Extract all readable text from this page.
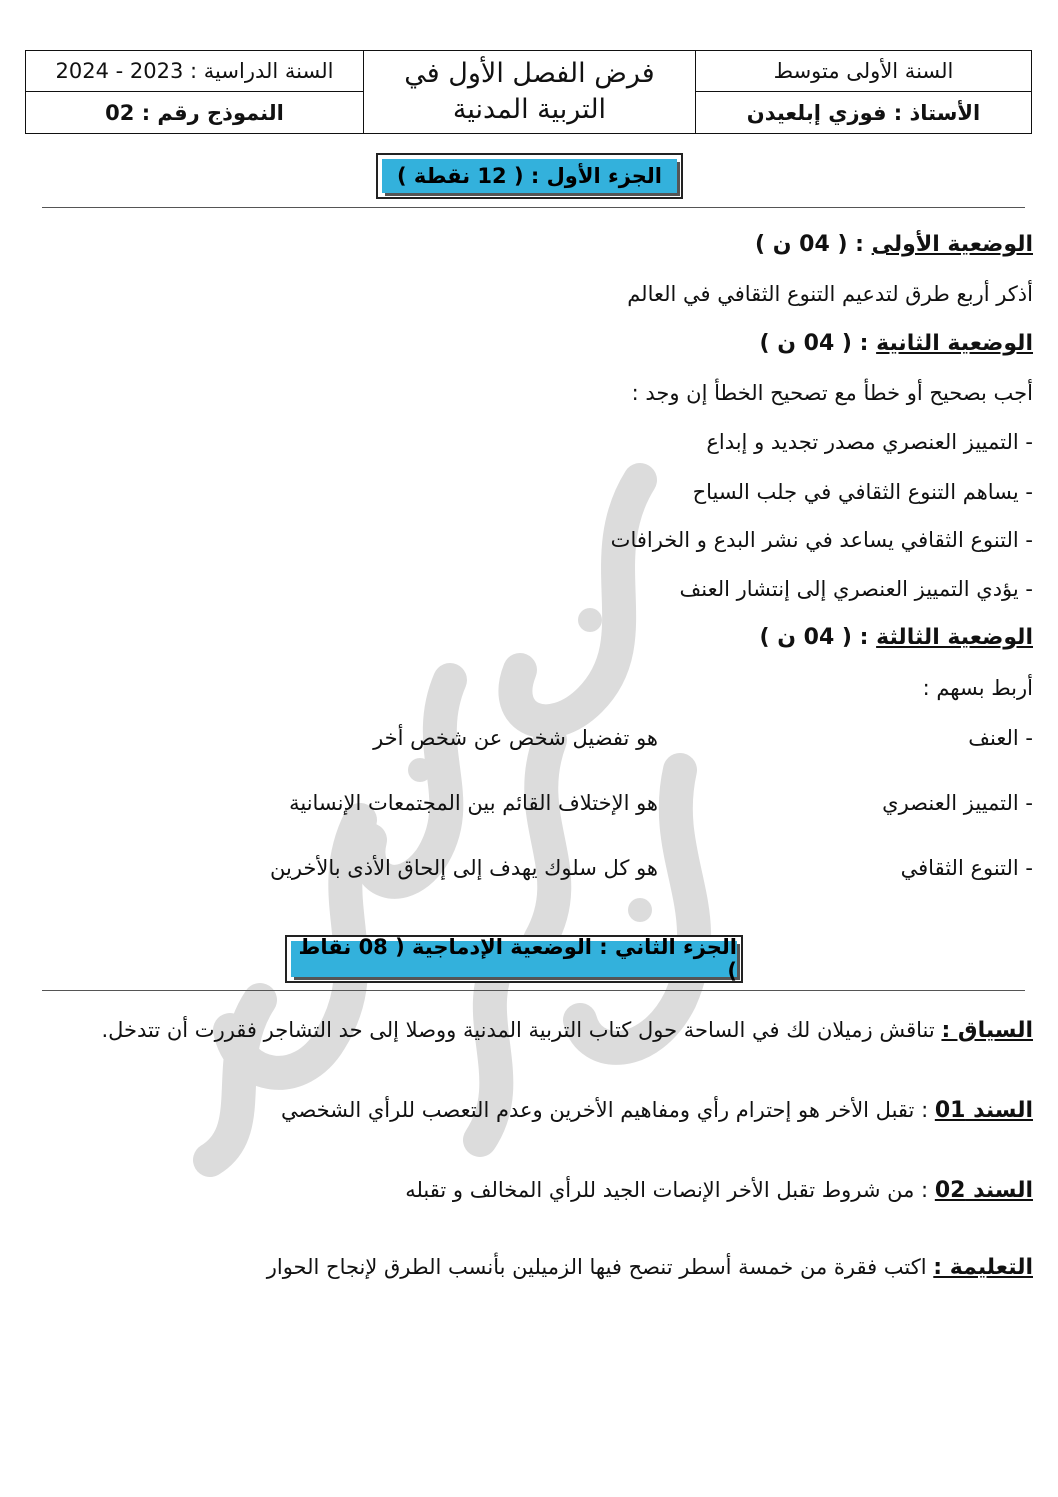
السنة الدراسية : 2023 - 2024
النموذج رقم : 02
فرض الفصل الأول في
التربية المدنية
السنة الأولى متوسط
الأستاذ : فوزي إبلعيدن
الجزء الأول : ( 12 نقطة )
الوضعية الأولى : ( 04 ن )
أذكر أربع طرق لتدعيم التنوع الثقافي في العالم
الوضعية الثانية : ( 04 ن )
أجب بصحيح أو خطأ مع تصحيح الخطأ إن وجد :
- التمييز العنصري مصدر تجديد و إبداع
- يساهم التنوع الثقافي في جلب السياح
- التنوع الثقافي يساعد في نشر البدع و الخرافات
- يؤدي التمييز العنصري إلى إنتشار العنف
الوضعية الثالثة : ( 04 ن )
أربط بسهم :
- العنف
هو تفضيل شخص عن شخص أخر
- التمييز العنصري
هو الإختلاف القائم بين المجتمعات الإنسانية
- التنوع الثقافي
هو كل سلوك يهدف إلى إلحاق الأذى بالأخرين
الجزء الثاني : الوضعية الإدماجية ( 08 نقاط )
السياق : تناقش زميلان لك في الساحة حول كتاب التربية المدنية ووصلا إلى حد التشاجر فقررت أن تتدخل.
السند 01 : تقبل الأخر هو إحترام رأي ومفاهيم الأخرين وعدم التعصب للرأي الشخصي
السند 02 : من شروط تقبل الأخر الإنصات الجيد للرأي المخالف و تقبله
التعليمة : اكتب فقرة من خمسة أسطر تنصح فيها الزميلين بأنسب الطرق لإنجاح الحوار
